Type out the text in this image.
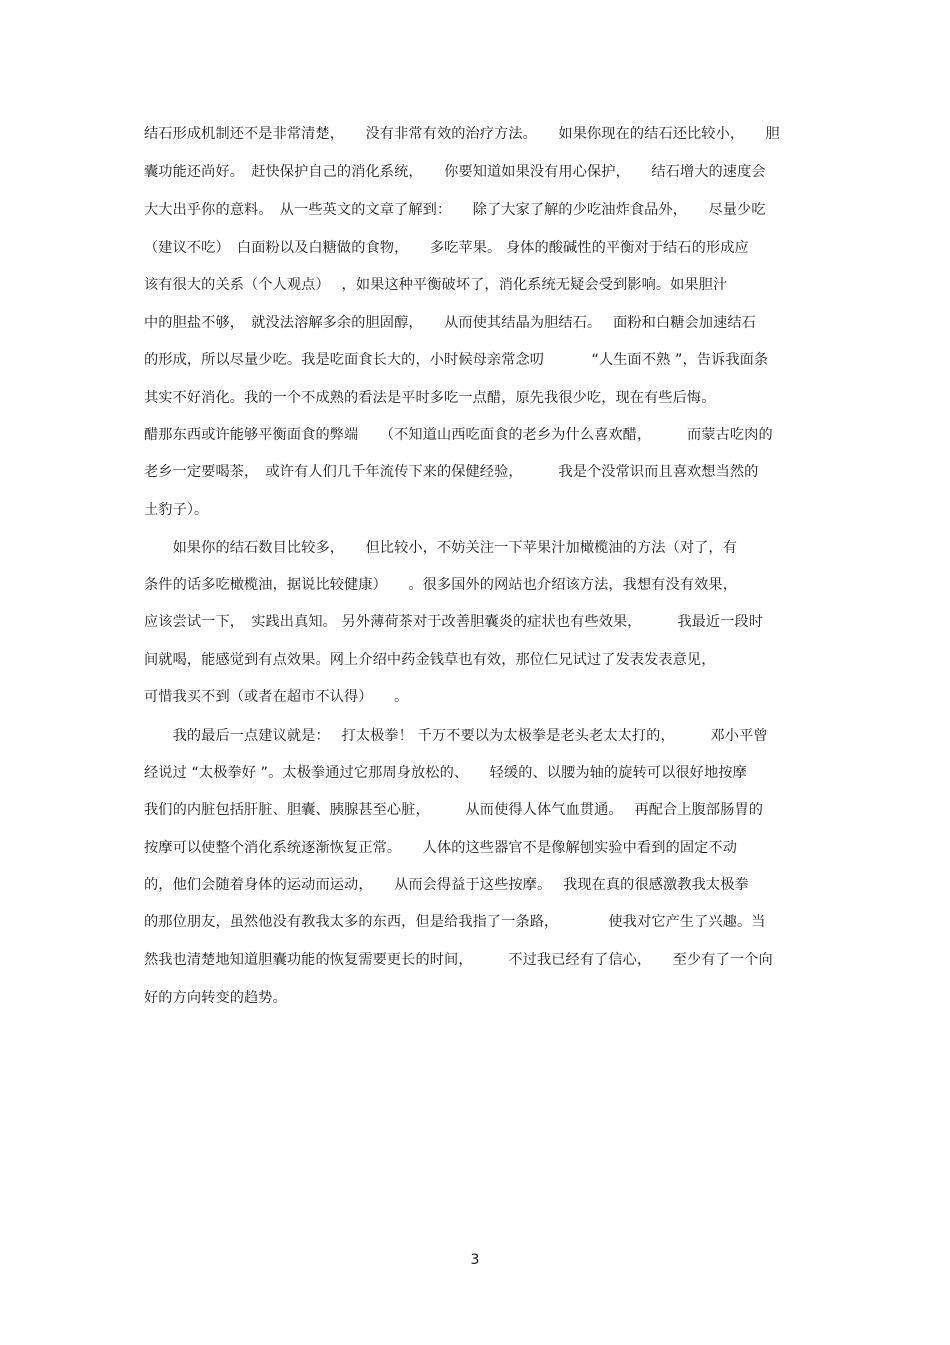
结石形成机制还不是非常清楚，　　没有非常有效的治疗方法。　　如果你现在的结石还比较小，　　胆
囊功能还尚好。　赶快保护自己的消化系统，　　你要知道如果没有用心保护，　　结石增大的速度会
大大出乎你的意料。　从一些英文的文章了解到：　　除了大家了解的少吃油炸食品外，　　尽量少吃
（建议不吃）　白面粉以及白糖做的食物，　　多吃苹果。 身体的酸碱性的平衡对于结石的形成应
该有很大的关系（个人观点）　 ，如果这种平衡破坏了，消化系统无疑会受到影响。如果胆汁
中的胆盐不够，　就没法溶解多余的胆固醇，　　从而使其结晶为胆结石。　 面粉和白糖会加速结石
的形成，所以尽量少吃。我是吃面食长大的，小时候母亲常念叨　　　 “人生面不熟 ”，告诉我面条
其实不好消化。我的一个不成熟的看法是平时多吃一点醋，原先我很少吃，现在有些后悔。
醋那东西或许能够平衡面食的弊端　　（不知道山西吃面食的老乡为什么喜欢醋，　　　而蒙古吃肉的
老乡一定要喝茶，　或许有人们几千年流传下来的保健经验，　　　我是个没常识而且喜欢想当然的
土豹子）。
　　如果你的结石数目比较多，　　但比较小，不妨关注一下苹果汁加橄榄油的方法（对了，有
条件的话多吃橄榄油，据说比较健康）　　。很多国外的网站也介绍该方法，我想有没有效果，
应该尝试一下，　实践出真知。 另外薄荷茶对于改善胆囊炎的症状也有些效果，　　　我最近一段时
间就喝，能感觉到有点效果。网上介绍中药金钱草也有效，那位仁兄试过了发表发表意见，
可惜我买不到（或者在超市不认得）　　。
　　我的最后一点建议就是：　 打太极拳！ 千万不要以为太极拳是老头老太太打的，　　　邓小平曾
经说过 “太极拳好 ”。太极拳通过它那周身放松的、　　轻缓的、以腰为轴的旋转可以很好地按摩
我们的内脏包括肝脏、胆囊、胰腺甚至心脏，　　　从而使得人体气血贯通。　 再配合上腹部肠胃的
按摩可以使整个消化系统逐渐恢复正常。　　人体的这些器官不是像解刨实验中看到的固定不动
的，他们会随着身体的运动而运动，　　从而会得益于这些按摩。　 我现在真的很感激教我太极拳
的那位朋友，虽然他没有教我太多的东西，但是给我指了一条路，　　　　使我对它产生了兴趣。当
然我也清楚地知道胆囊功能的恢复需要更长的时间，　　　不过我已经有了信心，　　至少有了一个向
好的方向转变的趋势。
3
